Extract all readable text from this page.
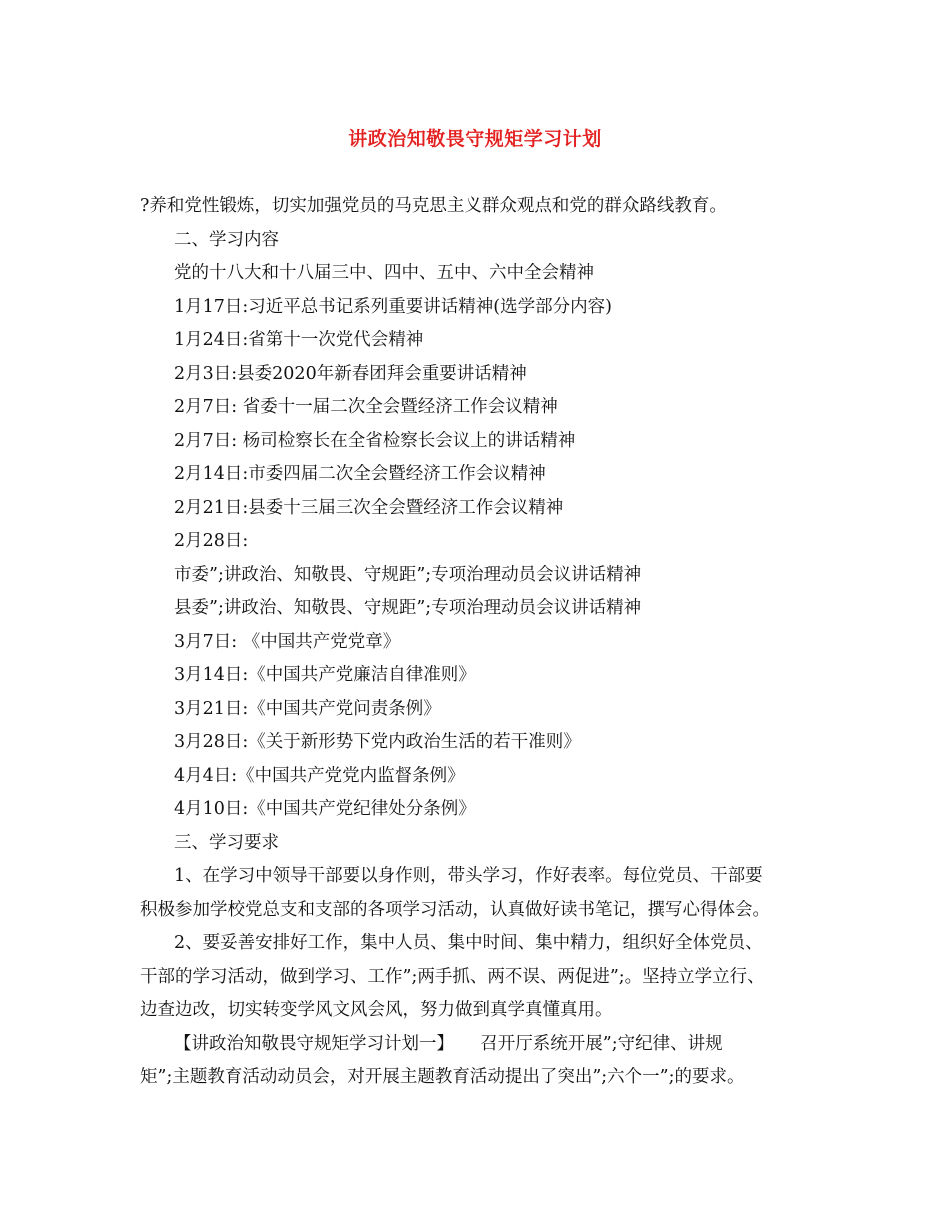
讲政治知敬畏守规矩学习计划

?养和党性锻炼，切实加强党员的马克思主义群众观点和党的群众路线教育。

二、学习内容

党的十八大和十八届三中、四中、五中、六中全会精神

1月17日:习近平总书记系列重要讲话精神(选学部分内容)

1月24日:省第十一次党代会精神

2月3日:县委2020年新春团拜会重要讲话精神

2月7日: 省委十一届二次全会暨经济工作会议精神

2月7日: 杨司检察长在全省检察长会议上的讲话精神

2月14日:市委四届二次全会暨经济工作会议精神

2月21日:县委十三届三次全会暨经济工作会议精神

2月28日:

市委”;讲政治、知敬畏、守规距”;专项治理动员会议讲话精神

县委”;讲政治、知敬畏、守规距”;专项治理动员会议讲话精神

3月7日: 《中国共产党党章》

3月14日:《中国共产党廉洁自律准则》

3月21日:《中国共产党问责条例》

3月28日:《关于新形势下党内政治生活的若干准则》

4月4日:《中国共产党党内监督条例》

4月10日:《中国共产党纪律处分条例》

三、学习要求

1、在学习中领导干部要以身作则，带头学习，作好表率。每位党员、干部要

积极参加学校党总支和支部的各项学习活动，认真做好读书笔记，撰写心得体会。

2、要妥善安排好工作，集中人员、集中时间、集中精力，组织好全体党员、

干部的学习活动，做到学习、工作”;两手抓、两不误、两促进”;。坚持立学立行、

边查边改，切实转变学风文风会风，努力做到真学真懂真用。

【讲政治知敬畏守规矩学习计划一】　　召开厅系统开展”;守纪律、讲规

矩”;主题教育活动动员会，对开展主题教育活动提出了突出”;六个一”;的要求。
